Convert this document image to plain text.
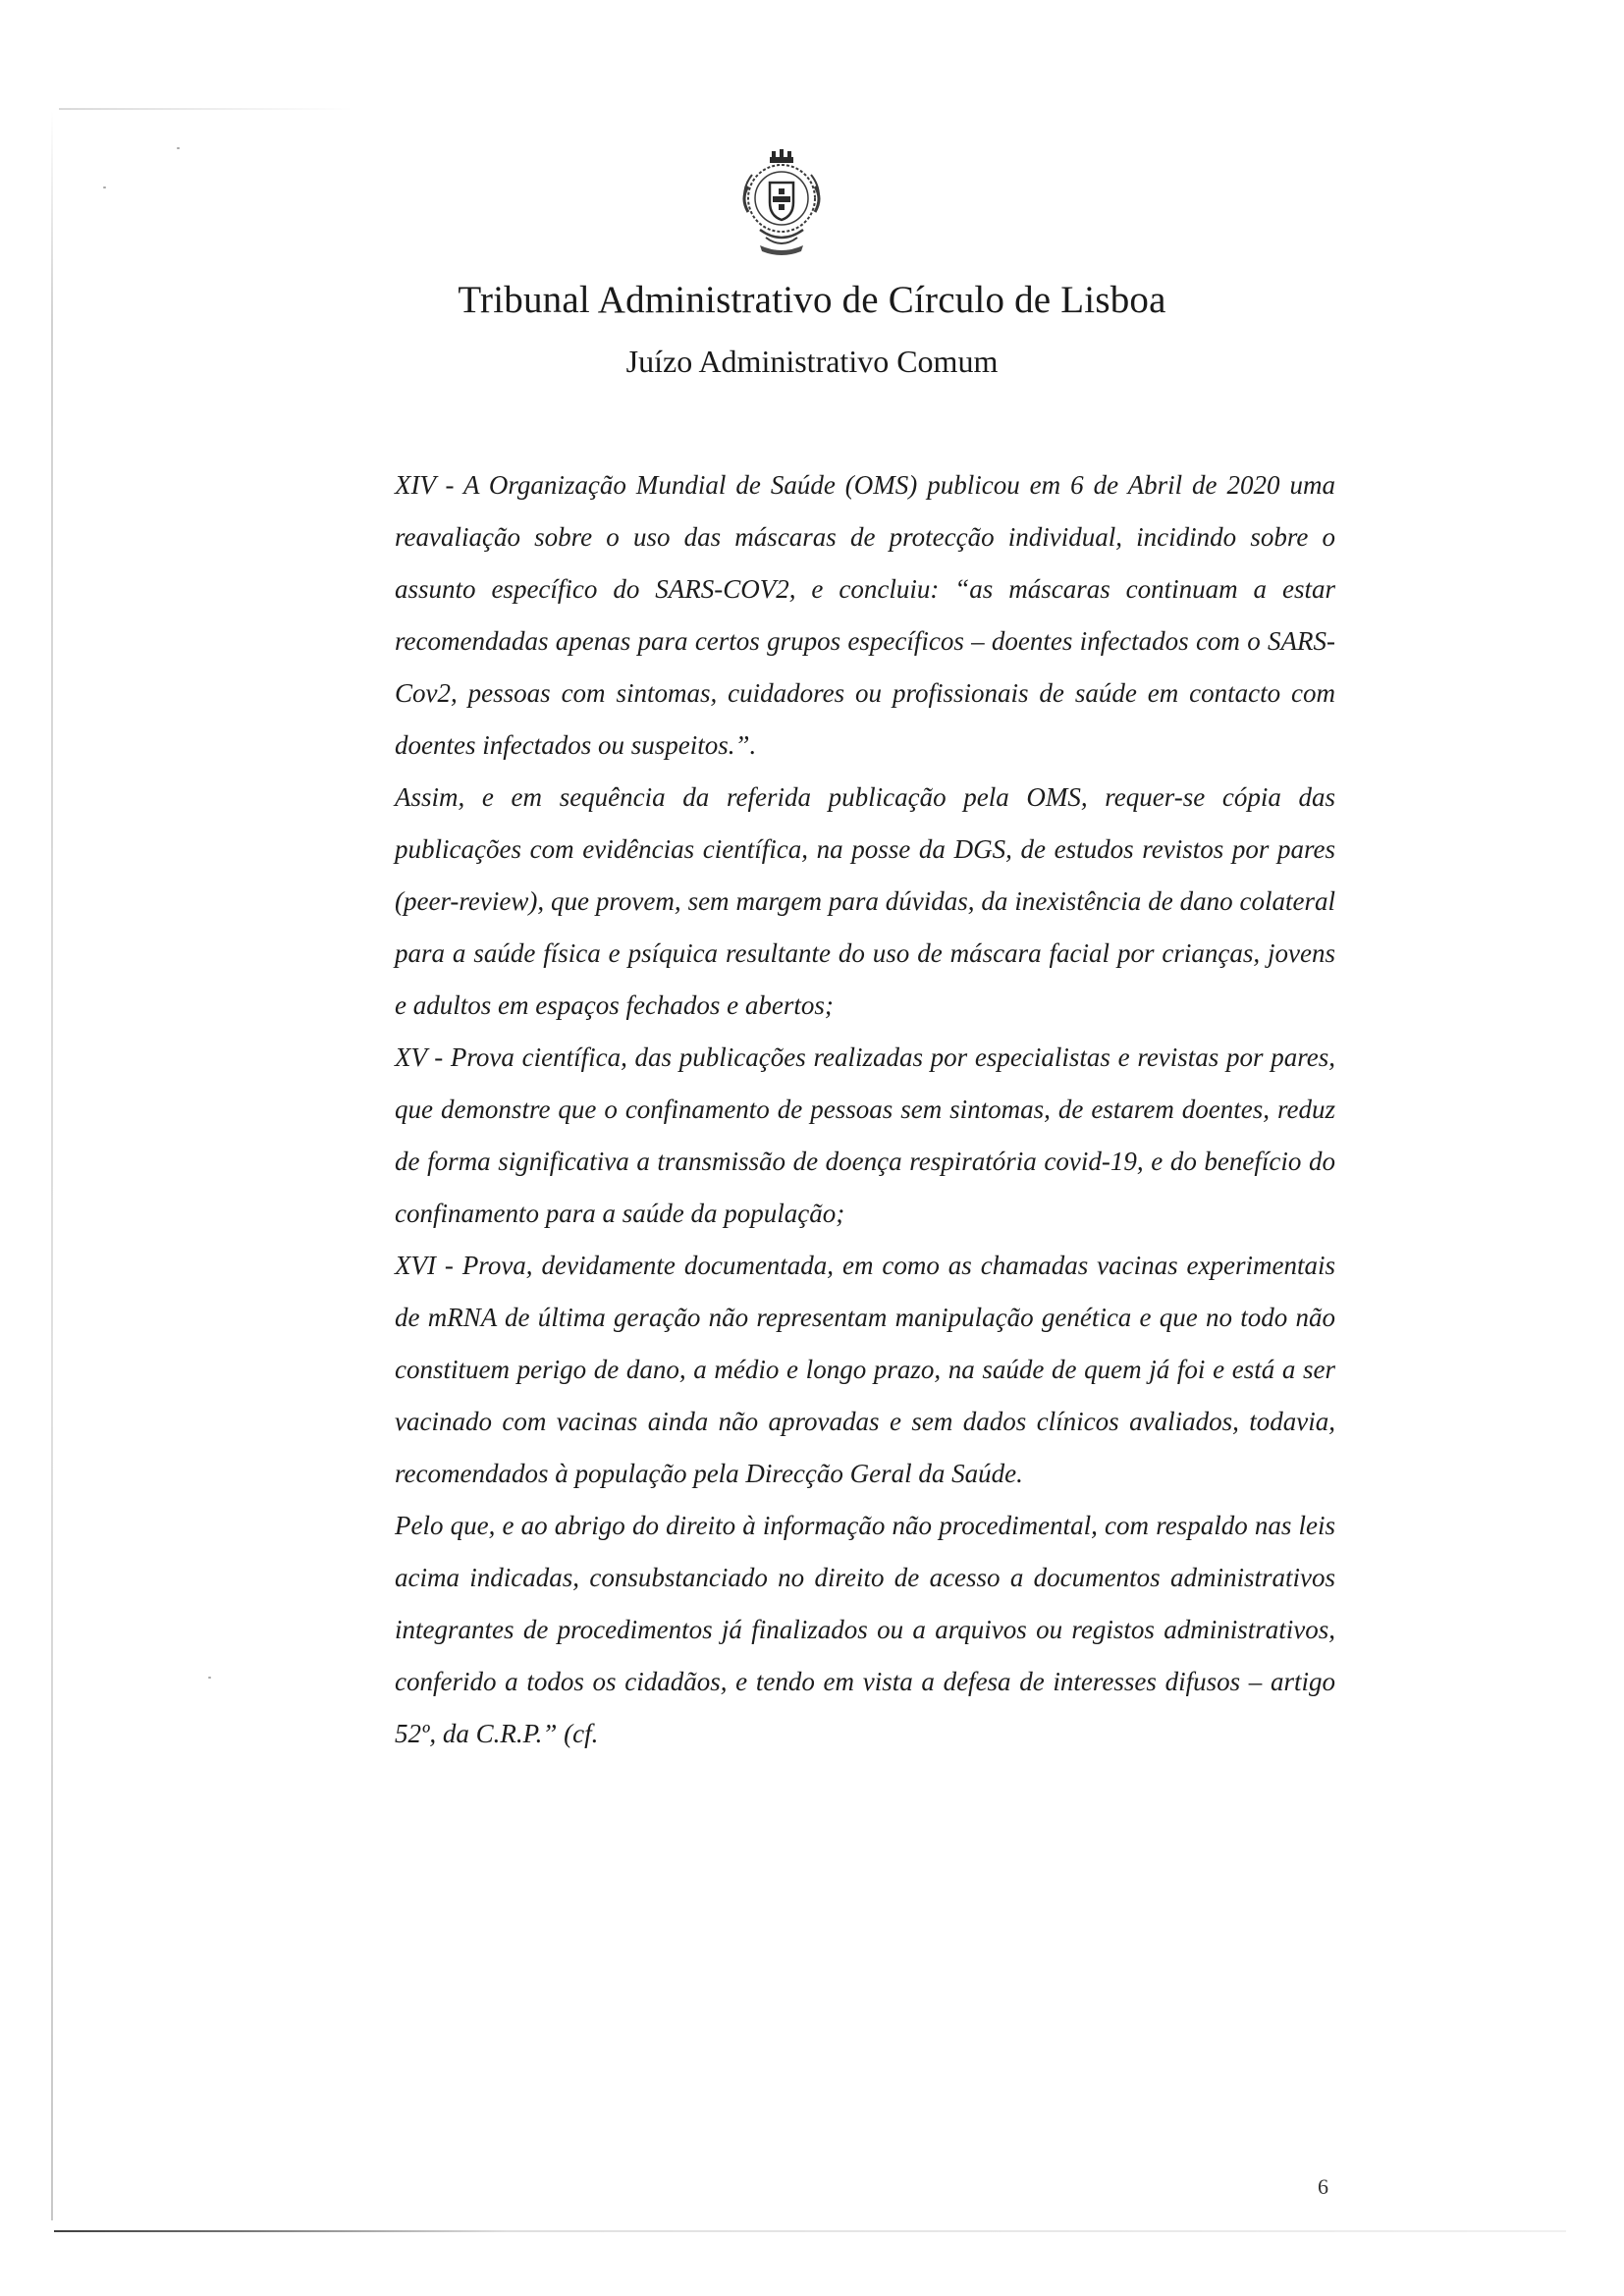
Tribunal Administrativo de Círculo de Lisboa
Juízo Administrativo Comum

XIV - A Organização Mundial de Saúde (OMS) publicou em 6 de Abril de 2020 uma reavaliação sobre o uso das máscaras de protecção individual, incidindo sobre o assunto específico do SARS-COV2, e concluiu: “as máscaras continuam a estar recomendadas apenas para certos grupos específicos – doentes infectados com o SARS-Cov2, pessoas com sintomas, cuidadores ou profissionais de saúde em contacto com doentes infectados ou suspeitos.”.

Assim, e em sequência da referida publicação pela OMS, requer-se cópia das publicações com evidências científica, na posse da DGS, de estudos revistos por pares (peer-review), que provem, sem margem para dúvidas, da inexistência de dano colateral para a saúde física e psíquica resultante do uso de máscara facial por crianças, jovens e adultos em espaços fechados e abertos;

XV - Prova científica, das publicações realizadas por especialistas e revistas por pares, que demonstre que o confinamento de pessoas sem sintomas, de estarem doentes, reduz de forma significativa a transmissão de doença respiratória covid-19, e do benefício do confinamento para a saúde da população;

XVI - Prova, devidamente documentada, em como as chamadas vacinas experimentais de mRNA de última geração não representam manipulação genética e que no todo não constituem perigo de dano, a médio e longo prazo, na saúde de quem já foi e está a ser vacinado com vacinas ainda não aprovadas e sem dados clínicos avaliados, todavia, recomendados à população pela Direcção Geral da Saúde.

Pelo que, e ao abrigo do direito à informação não procedimental, com respaldo nas leis acima indicadas, consubstanciado no direito de acesso a documentos administrativos integrantes de procedimentos já finalizados ou a arquivos ou registos administrativos, conferido a todos os cidadãos, e tendo em vista a defesa de interesses difusos – artigo 52º, da C.R.P.” (cf.

6
